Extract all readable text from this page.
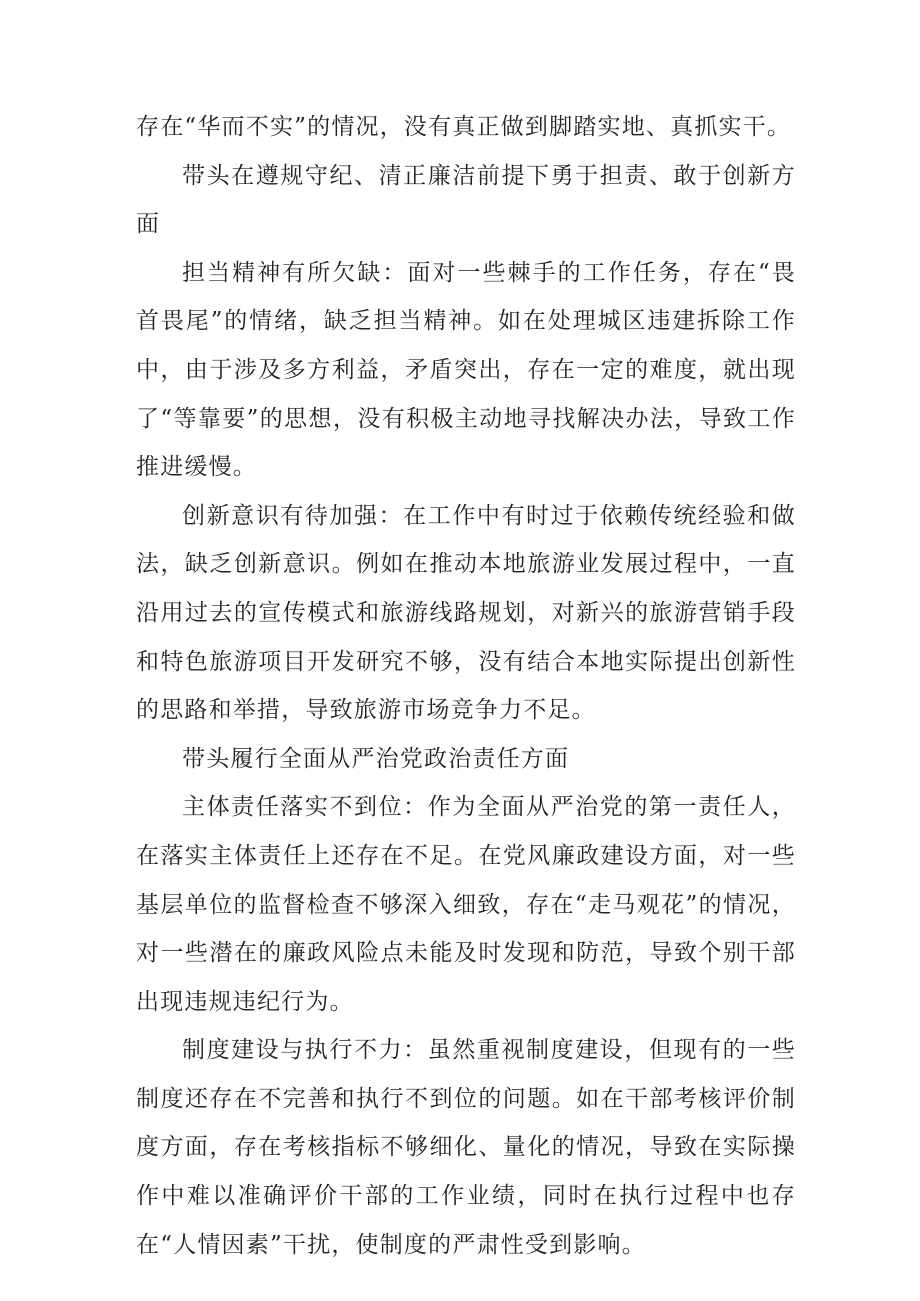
存在“华而不实”的情况，没有真正做到脚踏实地、真抓实干。

带头在遵规守纪、清正廉洁前提下勇于担责、敢于创新方面

担当精神有所欠缺：面对一些棘手的工作任务，存在“畏首畏尾”的情绪，缺乏担当精神。如在处理城区违建拆除工作中，由于涉及多方利益，矛盾突出，存在一定的难度，就出现了“等靠要”的思想，没有积极主动地寻找解决办法，导致工作推进缓慢。

创新意识有待加强：在工作中有时过于依赖传统经验和做法，缺乏创新意识。例如在推动本地旅游业发展过程中，一直沿用过去的宣传模式和旅游线路规划，对新兴的旅游营销手段和特色旅游项目开发研究不够，没有结合本地实际提出创新性的思路和举措，导致旅游市场竞争力不足。

带头履行全面从严治党政治责任方面

主体责任落实不到位：作为全面从严治党的第一责任人，在落实主体责任上还存在不足。在党风廉政建设方面，对一些基层单位的监督检查不够深入细致，存在“走马观花”的情况，对一些潜在的廉政风险点未能及时发现和防范，导致个别干部出现违规违纪行为。

制度建设与执行不力：虽然重视制度建设，但现有的一些制度还存在不完善和执行不到位的问题。如在干部考核评价制度方面，存在考核指标不够细化、量化的情况，导致在实际操作中难以准确评价干部的工作业绩，同时在执行过程中也存在“人情因素”干扰，使制度的严肃性受到影响。
